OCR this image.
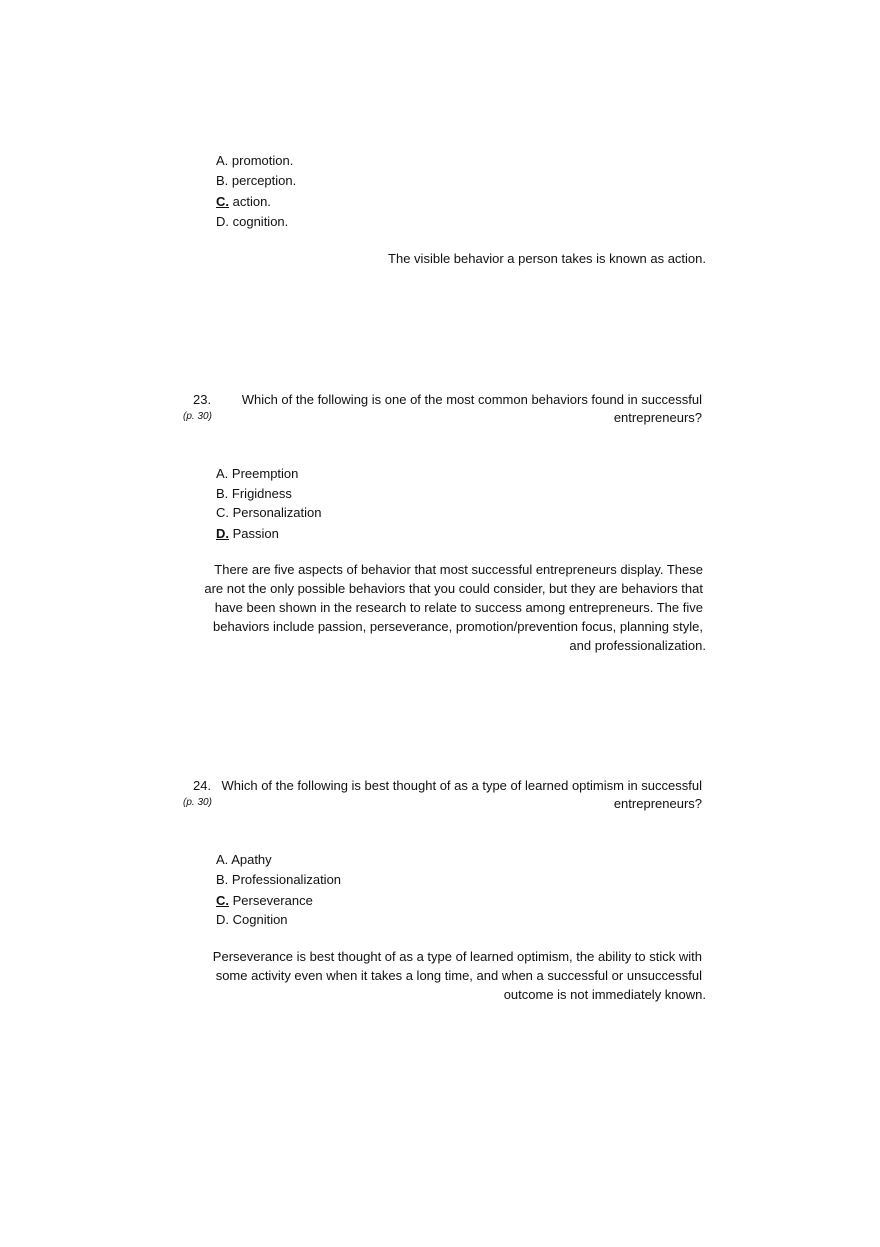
A. promotion.
B. perception.
C. action.
D. cognition.
The visible behavior a person takes is known as action.
23.
(p. 30)
Which of the following is one of the most common behaviors found in successful
entrepreneurs?
A. Preemption
B. Frigidness
C. Personalization
D. Passion
There are five aspects of behavior that most successful entrepreneurs display. These
are not the only possible behaviors that you could consider, but they are behaviors that
have been shown in the research to relate to success among entrepreneurs. The five
behaviors include passion, perseverance, promotion/prevention focus, planning style,
and professionalization.
24.
(p. 30)
Which of the following is best thought of as a type of learned optimism in successful
entrepreneurs?
A. Apathy
B. Professionalization
C. Perseverance
D. Cognition
Perseverance is best thought of as a type of learned optimism, the ability to stick with
some activity even when it takes a long time, and when a successful or unsuccessful
outcome is not immediately known.
